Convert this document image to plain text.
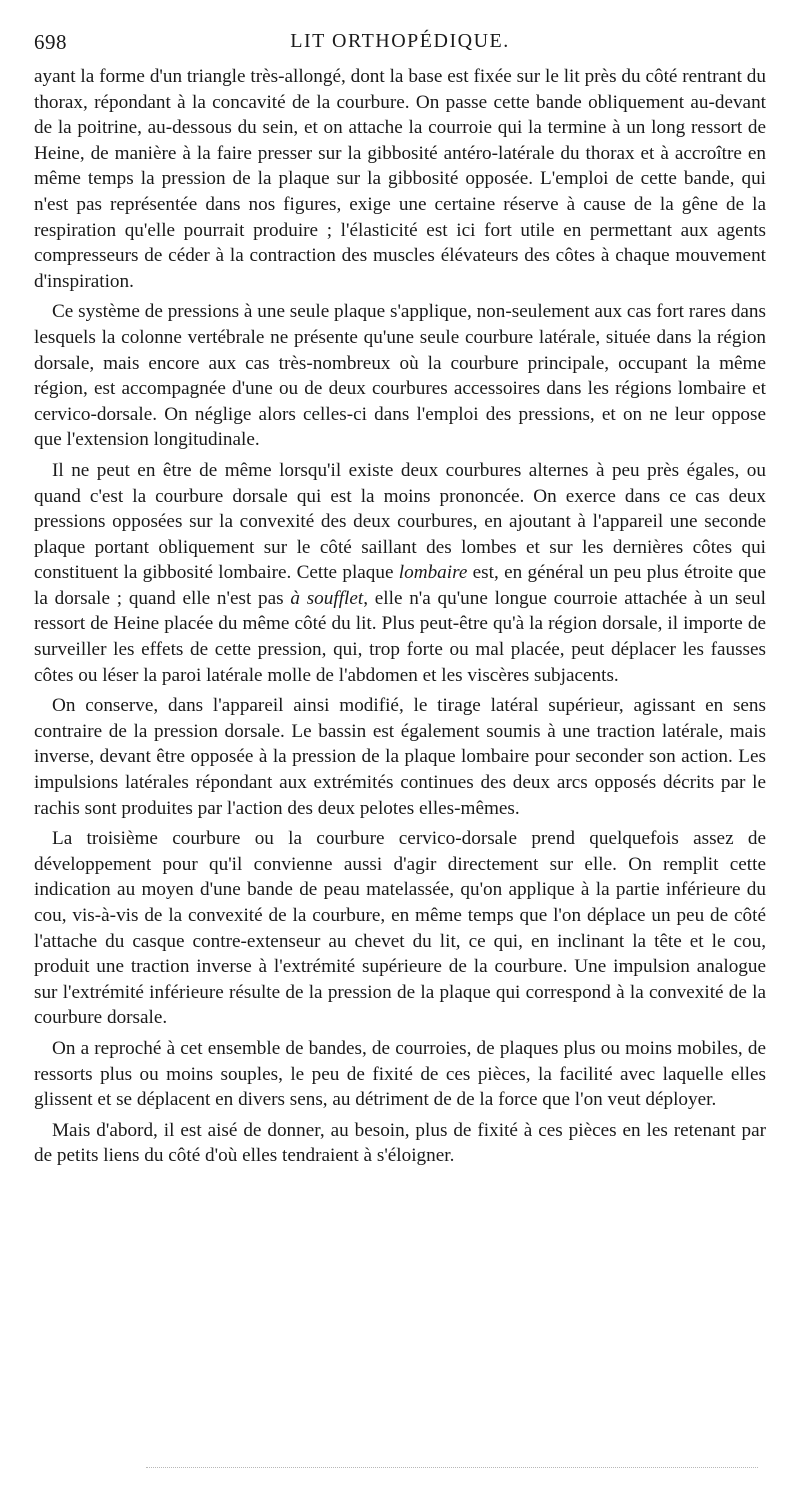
698	LIT ORTHOPÉDIQUE.

ayant la forme d'un triangle très-allongé, dont la base est fixée sur le lit près du côté rentrant du thorax, répondant à la concavité de la courbure. On passe cette bande obliquement au-devant de la poitrine, au-dessous du sein, et on attache la courroie qui la termine à un long ressort de Heine, de manière à la faire presser sur la gibbosité antéro-latérale du thorax et à accroître en même temps la pression de la plaque sur la gibbosité opposée. L'emploi de cette bande, qui n'est pas représentée dans nos figures, exige une certaine réserve à cause de la gêne de la respiration qu'elle pourrait produire ; l'élasticité est ici fort utile en permettant aux agents compresseurs de céder à la contraction des muscles élévateurs des côtes à chaque mouvement d'inspiration.

Ce système de pressions à une seule plaque s'applique, non-seulement aux cas fort rares dans lesquels la colonne vertébrale ne présente qu'une seule courbure latérale, située dans la région dorsale, mais encore aux cas très-nombreux où la courbure principale, occupant la même région, est accompagnée d'une ou de deux courbures accessoires dans les régions lombaire et cervico-dorsale. On néglige alors celles-ci dans l'emploi des pressions, et on ne leur oppose que l'extension longitudinale.

Il ne peut en être de même lorsqu'il existe deux courbures alternes à peu près égales, ou quand c'est la courbure dorsale qui est la moins prononcée. On exerce dans ce cas deux pressions opposées sur la convexité des deux courbures, en ajoutant à l'appareil une seconde plaque portant obliquement sur le côté saillant des lombes et sur les dernières côtes qui constituent la gibbosité lombaire. Cette plaque lombaire est, en général un peu plus étroite que la dorsale ; quand elle n'est pas à soufflet, elle n'a qu'une longue courroie attachée à un seul ressort de Heine placée du même côté du lit. Plus peut-être qu'à la région dorsale, il importe de surveiller les effets de cette pression, qui, trop forte ou mal placée, peut déplacer les fausses côtes ou léser la paroi latérale molle de l'abdomen et les viscères subjacents.

On conserve, dans l'appareil ainsi modifié, le tirage latéral supérieur, agissant en sens contraire de la pression dorsale. Le bassin est également soumis à une traction latérale, mais inverse, devant être opposée à la pression de la plaque lombaire pour seconder son action. Les impulsions latérales répondant aux extrémités continues des deux arcs opposés décrits par le rachis sont produites par l'action des deux pelotes elles-mêmes.

La troisième courbure ou la courbure cervico-dorsale prend quelquefois assez de développement pour qu'il convienne aussi d'agir directement sur elle. On remplit cette indication au moyen d'une bande de peau matelassée, qu'on applique à la partie inférieure du cou, vis-à-vis de la convexité de la courbure, en même temps que l'on déplace un peu de côté l'attache du casque contre-extenseur au chevet du lit, ce qui, en inclinant la tête et le cou, produit une traction inverse à l'extrémité supérieure de la courbure. Une impulsion analogue sur l'extrémité inférieure résulte de la pression de la plaque qui correspond à la convexité de la courbure dorsale.

On a reproché à cet ensemble de bandes, de courroies, de plaques plus ou moins mobiles, de ressorts plus ou moins souples, le peu de fixité de ces pièces, la facilité avec laquelle elles glissent et se déplacent en divers sens, au détriment de de la force que l'on veut déployer.

Mais d'abord, il est aisé de donner, au besoin, plus de fixité à ces pièces en les retenant par de petits liens du côté d'où elles tendraient à s'éloigner.
